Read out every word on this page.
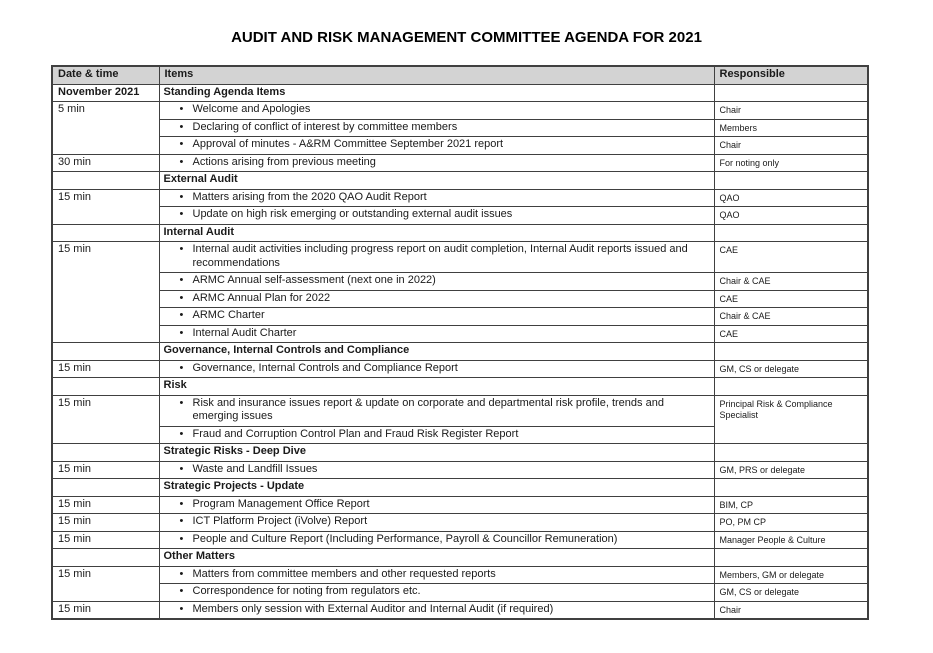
AUDIT AND RISK MANAGEMENT COMMITTEE AGENDA FOR 2021
Date & time	Items	Responsible
November 2021	Standing Agenda Items	
5 min	• Welcome and Apologies	Chair

	• Declaring of conflict of interest by committee members	Members

	• Approval of minutes - A&RM Committee September 2021 report	Chair
30 min	• Actions arising from previous meeting	For noting only
	External Audit	
15 min	• Matters arising from the 2020 QAO Audit Report	QAO

	• Update on high risk emerging or outstanding external audit issues	QAO
	Internal Audit	
15 min	• Internal audit activities including progress report on audit completion, Internal Audit reports issued and recommendations	CAE

	• ARMC Annual self-assessment (next one in 2022)	Chair & CAE

	• ARMC Annual Plan for 2022	CAE

	• ARMC Charter	Chair & CAE

	• Internal Audit Charter	CAE
	Governance, Internal Controls and Compliance	
15 min	• Governance, Internal Controls and Compliance Report	GM, CS or delegate
	Risk	
15 min	• Risk and insurance issues report & update on corporate and departmental risk profile, trends and emerging issues	Principal Risk & Compliance Specialist

	• Fraud and Corruption Control Plan and Fraud Risk Register Report	

	Strategic Risks - Deep Dive	
15 min	• Waste and Landfill Issues	GM, PRS or delegate
	Strategic Projects - Update	
15 min	• Program Management Office Report	BIM, CP
15 min	• ICT Platform Project (iVolve) Report	PO, PM CP
15 min	• People and Culture Report (Including Performance, Payroll & Councillor Remuneration)	Manager People & Culture
	Other Matters	
15 min	• Matters from committee members and other requested reports	Members, GM or delegate

	• Correspondence for noting from regulators etc.	GM, CS or delegate
15 min	• Members only session with External Auditor and Internal Audit (if required)	Chair
